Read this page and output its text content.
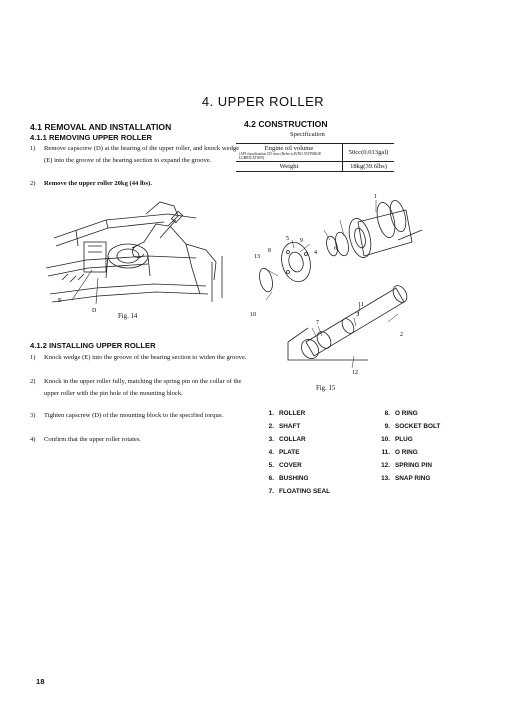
4. UPPER ROLLER
4.1 REMOVAL AND INSTALLATION
4.1.1 REMOVING UPPER ROLLER
1)	Remove capscrew (D) at the bearing of the upper roller, and knock wedge (E) into the groove of the bearing section to expand the groove.
2)	Remove the upper roller 20kg (44 lbs).
E
D
Fig. 14
4.1.2 INSTALLING UPPER ROLLER
1)	Knock wedge (E) into the groove of the bearing section to widen the groove.
2)	Knock in the upper roller fully, matching the spring pin on the collar of the upper roller with the pin hole of the mounting block.
3)	Tighten capscrew (D) of the mounting block to the specified torque.
4)	Confirm that the upper roller rotates.
4.2 CONSTRUCTION
Specification
Engine oil volume
(API classification CD class (Refer to B/NO 55YP0601E LUBRICATION)	50cc(0.013gal)
Weight	18kg(39.6lbs)
1
2
3
4
5
6
7
8
9
10
11
12
13
Fig. 15
1. ROLLER
2. SHAFT
3. COLLAR
4. PLATE
5. COVER
6. BUSHING
7. FLOATING SEAL
8. O RING
9. SOCKET BOLT
10. PLUG
11. O RING
12. SPRING PIN
13. SNAP RING
18
